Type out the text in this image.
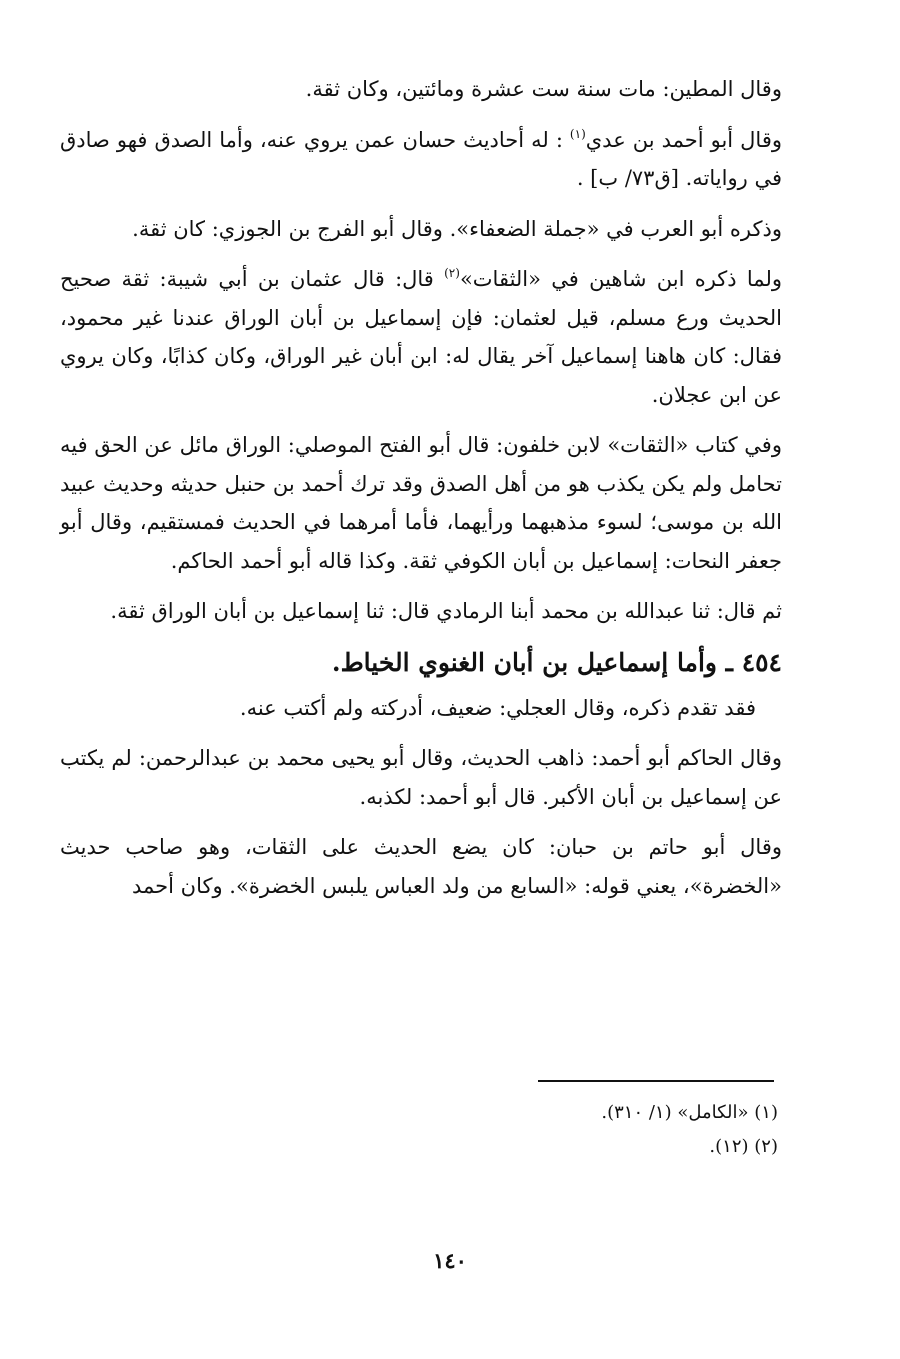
وقال المطين: مات سنة ست عشرة ومائتين، وكان ثقة.

وقال أبو أحمد بن عدي$^{(١)}$ : له أحاديث حسان عمن يروي عنه، وأما الصدق فهو صادق في رواياته. [ق٧٣/ ب] .

وذكره أبو العرب في «جملة الضعفاء». وقال أبو الفرج بن الجوزي: كان ثقة.

ولما ذكره ابن شاهين في «الثقات»$^{(٢)}$ قال: قال عثمان بن أبي شيبة: ثقة صحيح الحديث ورع مسلم، قيل لعثمان: فإن إسماعيل بن أبان الوراق عندنا غير محمود، فقال: كان هاهنا إسماعيل آخر يقال له: ابن أبان غير الوراق، وكان كذابًا، وكان يروي عن ابن عجلان.

وفي كتاب «الثقات» لابن خلفون: قال أبو الفتح الموصلي: الوراق مائل عن الحق فيه تحامل ولم يكن يكذب هو من أهل الصدق وقد ترك أحمد بن حنبل حديثه وحديث عبيد الله بن موسى؛ لسوء مذهبهما ورأيهما، فأما أمرهما في الحديث فمستقيم، وقال أبو جعفر النحات: إسماعيل بن أبان الكوفي ثقة. وكذا قاله أبو أحمد الحاكم.

ثم قال: ثنا عبدالله بن محمد أبنا الرمادي قال: ثنا إسماعيل بن أبان الوراق ثقة.

٤٥٤ ـ وأما إسماعيل بن أبان الغنوي الخياط.

فقد تقدم ذكره، وقال العجلي: ضعيف، أدركته ولم أكتب عنه.

وقال الحاكم أبو أحمد: ذاهب الحديث، وقال أبو يحيى محمد بن عبدالرحمن: لم يكتب عن إسماعيل بن أبان الأكبر. قال أبو أحمد: لكذبه.

وقال أبو حاتم بن حبان: كان يضع الحديث على الثقات، وهو صاحب حديث «الخضرة»، يعني قوله: «السابع من ولد العباس يلبس الخضرة». وكان أحمد

(١) «الكامل» (١/ ٣١٠).

(٢) (١٢).

١٤٠
